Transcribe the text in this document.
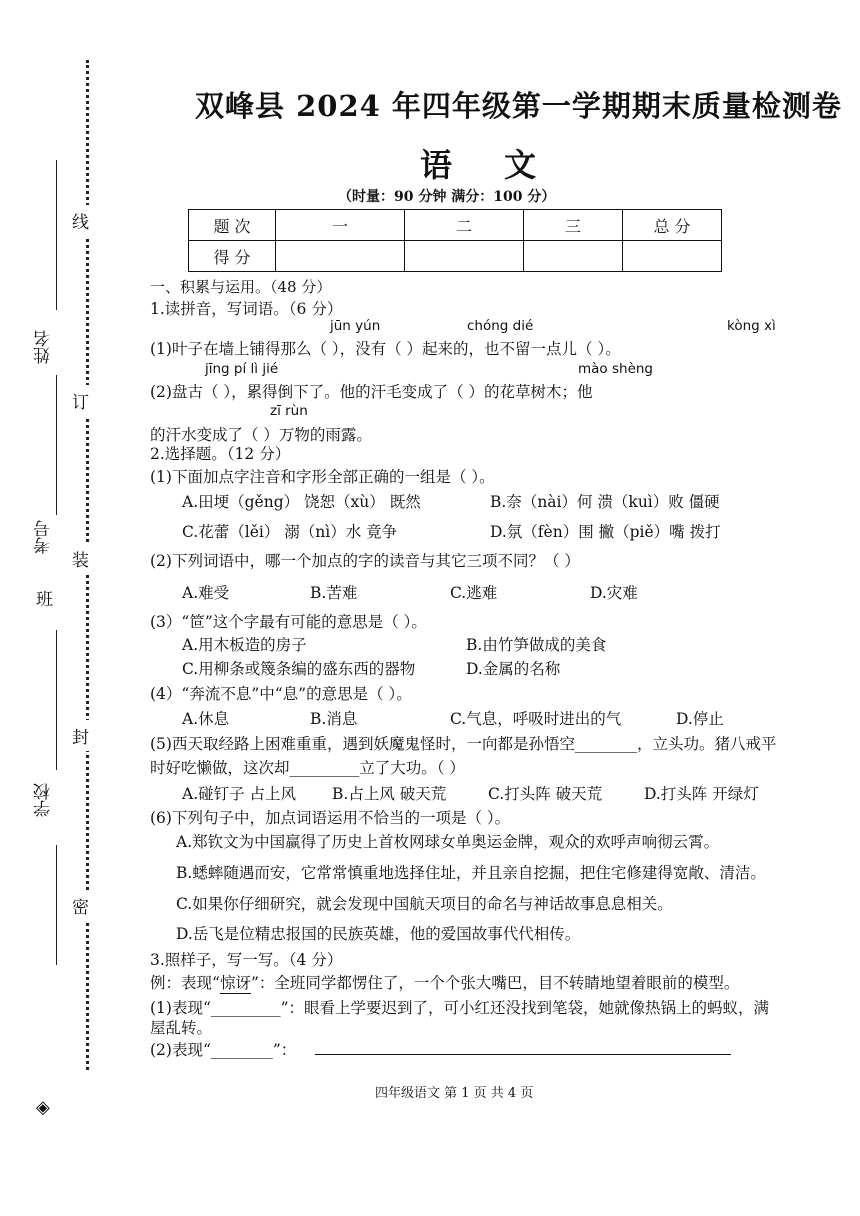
线
订
装
封
密
姓名
考号
班
学校
双峰县 2024 年四年级第一学期期末质量检测卷
语文
（时量：90 分钟 满分：100 分）
题 次	一	二	三	总 分
得 分				
一、积累与运用。（48 分）
1.读拼音，写词语。（6 分）
jūn yún	chóng dié	kòng xì
(1)叶子在墙上铺得那么（ ），没有（ ）起来的，也不留一点儿（ ）。
jīng pí lì jié	mào shèng
(2)盘古（ ），累得倒下了。他的汗毛变成了（ ）的花草树木；他
zī rùn
的汗水变成了（ ）万物的雨露。
2.选择题。（12 分）
(1)下面加点字注音和字形全部正确的一组是（ ）。
A.田埂（gěng） 饶恕（xù） 既然	B.奈（nài）何 溃（kuì）败 僵硬
C.花蕾（lěi） 溺（nì）水 竟争	D.氛（fèn）围 撇（piě）嘴 拨打
(2)下列词语中，哪一个加点的字的读音与其它三项不同？（ ）
A.难受	B.苦难	C.逃难	D.灾难
(3）“笸”这个字最有可能的意思是（ ）。
A.用木板造的房子	B.由竹笋做成的美食
C.用柳条或篾条编的盛东西的器物	D.金属的名称
(4）“奔流不息”中“息”的意思是（ ）。
A.休息	B.消息	C.气息，呼吸时进出的气	D.停止
(5)西天取经路上困难重重，遇到妖魔鬼怪时，一向都是孙悟空________，立头功。猪八戒平
时好吃懒做，这次却_________立了大功。（ ）
A.碰钉子 占上风 B.占上风 破天荒	C.打头阵 破天荒	D.打头阵 开绿灯
(6)下列句子中，加点词语运用不恰当的一项是（ ）。
A.郑钦文为中国赢得了历史上首枚网球女单奥运金牌，观众的欢呼声响彻云霄。
B.蟋蟀随遇而安，它常常慎重地选择住址，并且亲自挖掘，把住宅修建得宽敞、清洁。
C.如果你仔细研究，就会发现中国航天项目的命名与神话故事息息相关。
D.岳飞是位精忠报国的民族英雄，他的爱国故事代代相传。
3.照样子，写一写。（4 分）
例：表现“惊讶”：全班同学都愣住了，一个个张大嘴巴，目不转睛地望着眼前的模型。
(1)表现“_________”：眼看上学要迟到了，可小红还没找到笔袋，她就像热锅上的蚂蚁，满
屋乱转。
(2)表现“________”：
四年级语文 第 1 页 共 4 页
◈
